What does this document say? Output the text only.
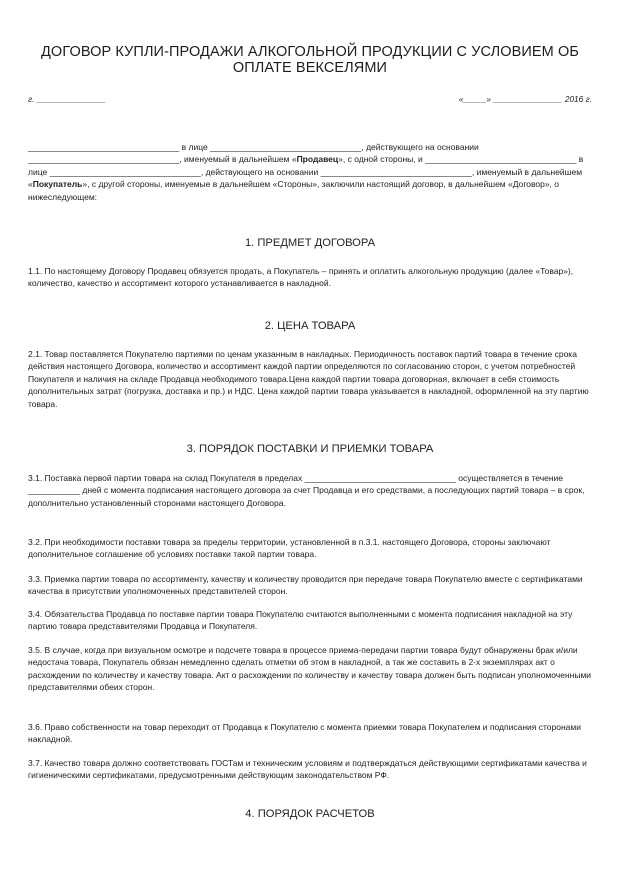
ДОГОВОР КУПЛИ-ПРОДАЖИ АЛКОГОЛЬНОЙ ПРОДУКЦИИ С УСЛОВИЕМ ОБ ОПЛАТЕ ВЕКСЕЛЯМИ
г. _______________	«_____» _______________ 2016 г.
________________________________ в лице ________________________________, действующего на основании ________________________________, именуемый в дальнейшем «Продавец», с одной стороны, и ________________________________ в лице ________________________________, действующего на основании ________________________________, именуемый в дальнейшем «Покупатель», с другой стороны, именуемые в дальнейшем «Стороны», заключили настоящий договор, в дальнейшем «Договор», о нижеследующем:
1. ПРЕДМЕТ ДОГОВОРА
1.1. По настоящему Договору Продавец обязуется продать, а Покупатель – принять и оплатить алкогольную продукцию (далее «Товар»), количество, качество и ассортимент которого устанавливается в накладной.
2. ЦЕНА ТОВАРА
2.1. Товар поставляется Покупателю партиями по ценам указанным в накладных. Периодичность поставок партий товара в течение срока действия настоящего Договора, количество и ассортимент каждой партии определяются по согласованию сторон, с учетом потребностей Покупателя и наличия на складе Продавца необходимого товара.Цена каждой партии товара договорная, включает в себя стоимость дополнительных затрат (погрузка, доставка и пр.) и НДС. Цена каждой партии товара указывается в накладной, оформленной на эту партию товара.
3. ПОРЯДОК ПОСТАВКИ И ПРИЕМКИ ТОВАРА
3.1. Поставка первой партии товара на склад Покупателя в пределах ________________________________ осуществляется в течение ___________ дней с момента подписания настоящего договора за счет Продавца и его средствами, а последующих партий товара – в срок, дополнительно установленный сторонами настоящего Договора.
3.2. При необходимости поставки товара за пределы территории, установленной в п.3.1. настоящего Договора, стороны заключают дополнительное соглашение об условиях поставки такой партии товара.
3.3. Приемка партии товара по ассортименту, качеству и количеству проводится при передаче товара Покупателю вместе с сертификатами качества в присутствии уполномоченных представителей сторон.
3.4. Обязательства Продавца по поставке партии товара Покупателю считаются выполненными с момента подписания накладной на эту партию товара представителями Продавца и Покупателя.
3.5. В случае, когда при визуальном осмотре и подсчете товара в процессе приема-передачи партии товара будут обнаружены брак и/или недостача товара, Покупатель обязан немедленно сделать отметки об этом в накладной, а так же составить в 2-х экземплярах акт о расхождении по количеству и качеству товара. Акт о расхождении по количеству и качеству товара должен быть подписан уполномоченными представителями обеих сторон.
3.6. Право собственности на товар переходит от Продавца к Покупателю с момента приемки товара Покупателем и подписания сторонами накладной.
3.7. Качество товара должно соответствовать ГОСТам и техническим условиям и подтверждаться действующими сертификатами качества и гигиеническими сертификатами, предусмотренными действующим законодательством РФ.
4. ПОРЯДОК РАСЧЕТОВ
